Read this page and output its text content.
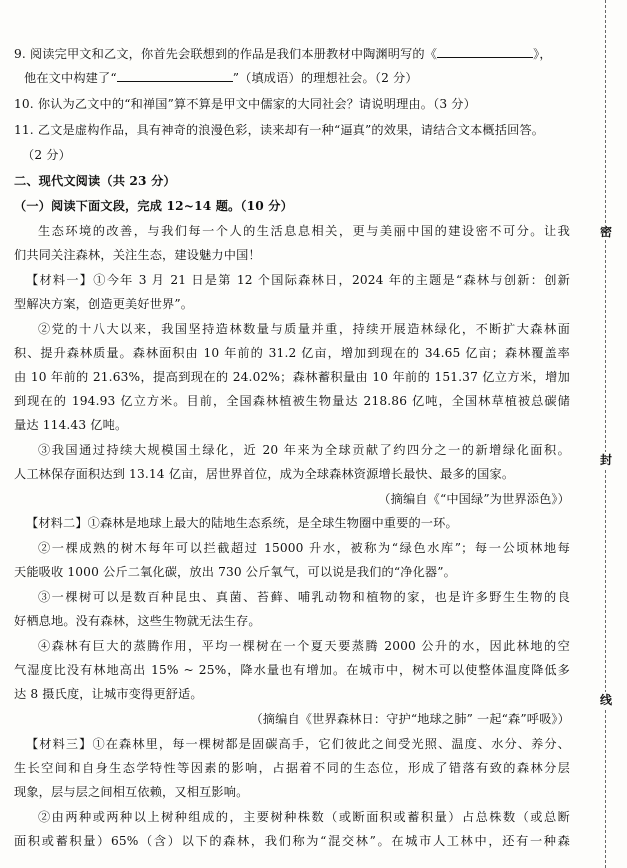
密
封
线
9. 阅读完甲文和乙文，你首先会联想到的作品是我们本册教材中陶渊明写的《	》，
他在文中构建了“	”（填成语）的理想社会。（2 分）
10. 你认为乙文中的“和禅国”算不算是甲文中儒家的大同社会？请说明理由。（3 分）
11. 乙文是虚构作品，具有神奇的浪漫色彩，读来却有一种“逼真”的效果，请结合文本概括回答。
（2 分）
二、现代文阅读（共 23 分）
（一）阅读下面文段，完成 12~14 题。（10 分）
生态环境的改善，与我们每一个人的生活息息相关，更与美丽中国的建设密不可分。让我
们共同关注森林，关注生态，建设魅力中国！
【材料一】①今年 3 月 21 日是第 12 个国际森林日，2024 年的主题是“森林与创新：创新
型解决方案，创造更美好世界”。
②党的十八大以来，我国坚持造林数量与质量并重，持续开展造林绿化，不断扩大森林面
积、提升森林质量。森林面积由 10 年前的 31.2 亿亩，增加到现在的 34.65 亿亩；森林覆盖率
由 10 年前的 21.63%，提高到现在的 24.02%；森林蓄积量由 10 年前的 151.37 亿立方米，增加
到现在的 194.93 亿立方米。目前，全国森林植被生物量达 218.86 亿吨，全国林草植被总碳储
量达 114.43 亿吨。
③我国通过持续大规模国土绿化，近 20 年来为全球贡献了约四分之一的新增绿化面积。
人工林保存面积达到 13.14 亿亩，居世界首位，成为全球森林资源增长最快、最多的国家。
（摘编自《“中国绿”为世界添色》）
【材料二】①森林是地球上最大的陆地生态系统，是全球生物圈中重要的一环。
②一棵成熟的树木每年可以拦截超过 15000 升水，被称为“绿色水库”；每一公顷林地每
天能吸收 1000 公斤二氧化碳，放出 730 公斤氧气，可以说是我们的“净化器”。
③一棵树可以是数百种昆虫、真菌、苔藓、哺乳动物和植物的家，也是许多野生生物的良
好栖息地。没有森林，这些生物就无法生存。
④森林有巨大的蒸腾作用，平均一棵树在一个夏天要蒸腾 2000 公升的水，因此林地的空
气湿度比没有林地高出 15% ~ 25%，降水量也有增加。在城市中，树木可以使整体温度降低多
达 8 摄氏度，让城市变得更舒适。
（摘编自《世界森林日：守护“地球之肺” 一起“森”呼吸》）
【材料三】①在森林里，每一棵树都是固碳高手，它们彼此之间受光照、温度、水分、养分、
生长空间和自身生态学特性等因素的影响，占据着不同的生态位，形成了错落有致的森林分层
现象，层与层之间相互依赖，又相互影响。
②由两种或两种以上树种组成的，主要树种株数（或断面积或蓄积量）占总株数（或总断
面积或蓄积量）65%（含）以下的森林，我们称为“混交林”。在城市人工林中，还有一种森
